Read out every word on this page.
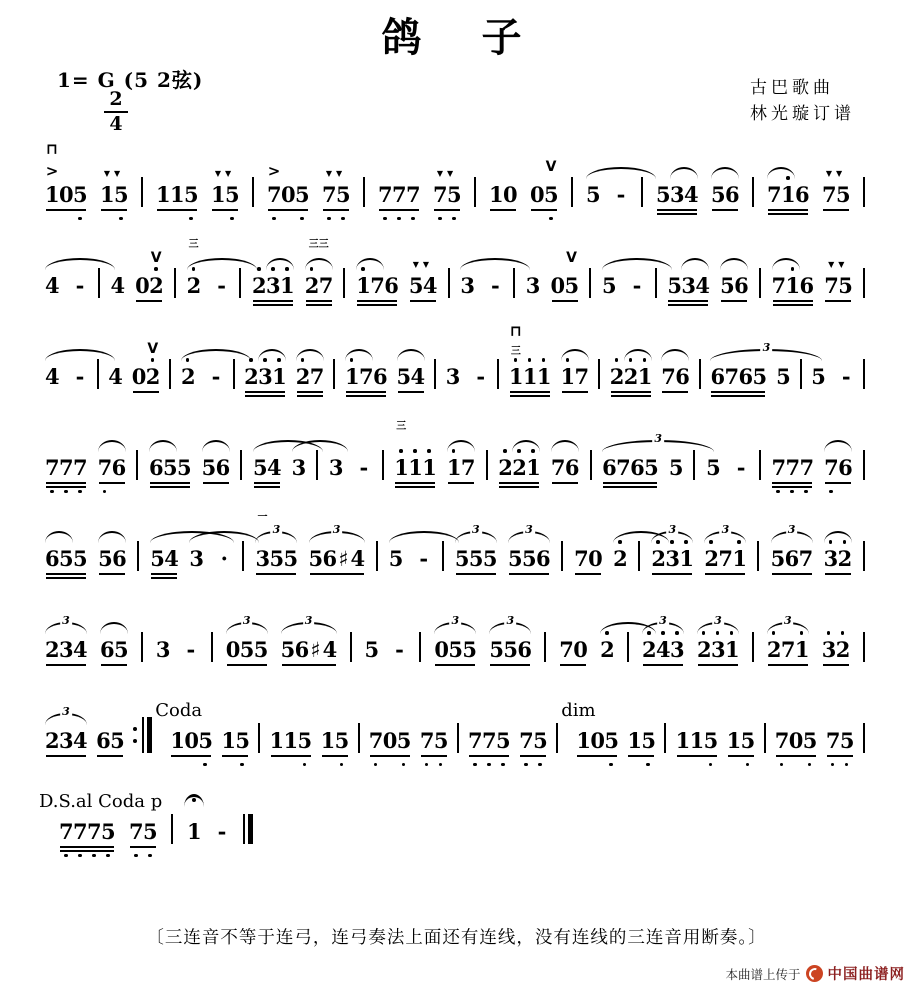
鸽　子
1= G (5 2弦)
2
4
古巴歌曲
林光璇订谱
105
⊓
>
15
▼▼
115 15
▼▼
705
>
75
▼▼
777 75
▼▼
10 05
V
5 - 534 56 716 75
▼▼
4 - 4 02
V
2 -
三
231 27
三三
176 54
▼▼
3 - 3 05
V
5 - 534 56 716 75
▼▼
4 - 4 02
V
2 - 231 27 176 54 3 - 111
⊓
三
17 221 76 6765
3
5 5 -
777 76 655 56 54 3 3 - 111
三
17 221 76 6765
3
5 5 - 777 76
655 56 54 3 · 355
3
一
56♯4
3
5 - 555
3
556
3
70 2 231
3
271
3
567
3
32
234
3
65 3 - 055
3
56♯4
3
5 - 055
3
556
3
70 2 243
3
231
3
271
3
32
234
3
65
Coda
105 15 115 15 705 75 775 75
dim
105 15 115 15 705 75
D.S.al Coda p
7775 75 1 -
〔三连音不等于连弓，连弓奏法上面还有连线，没有连线的三连音用断奏。〕
本曲谱上传于 中国曲谱网
